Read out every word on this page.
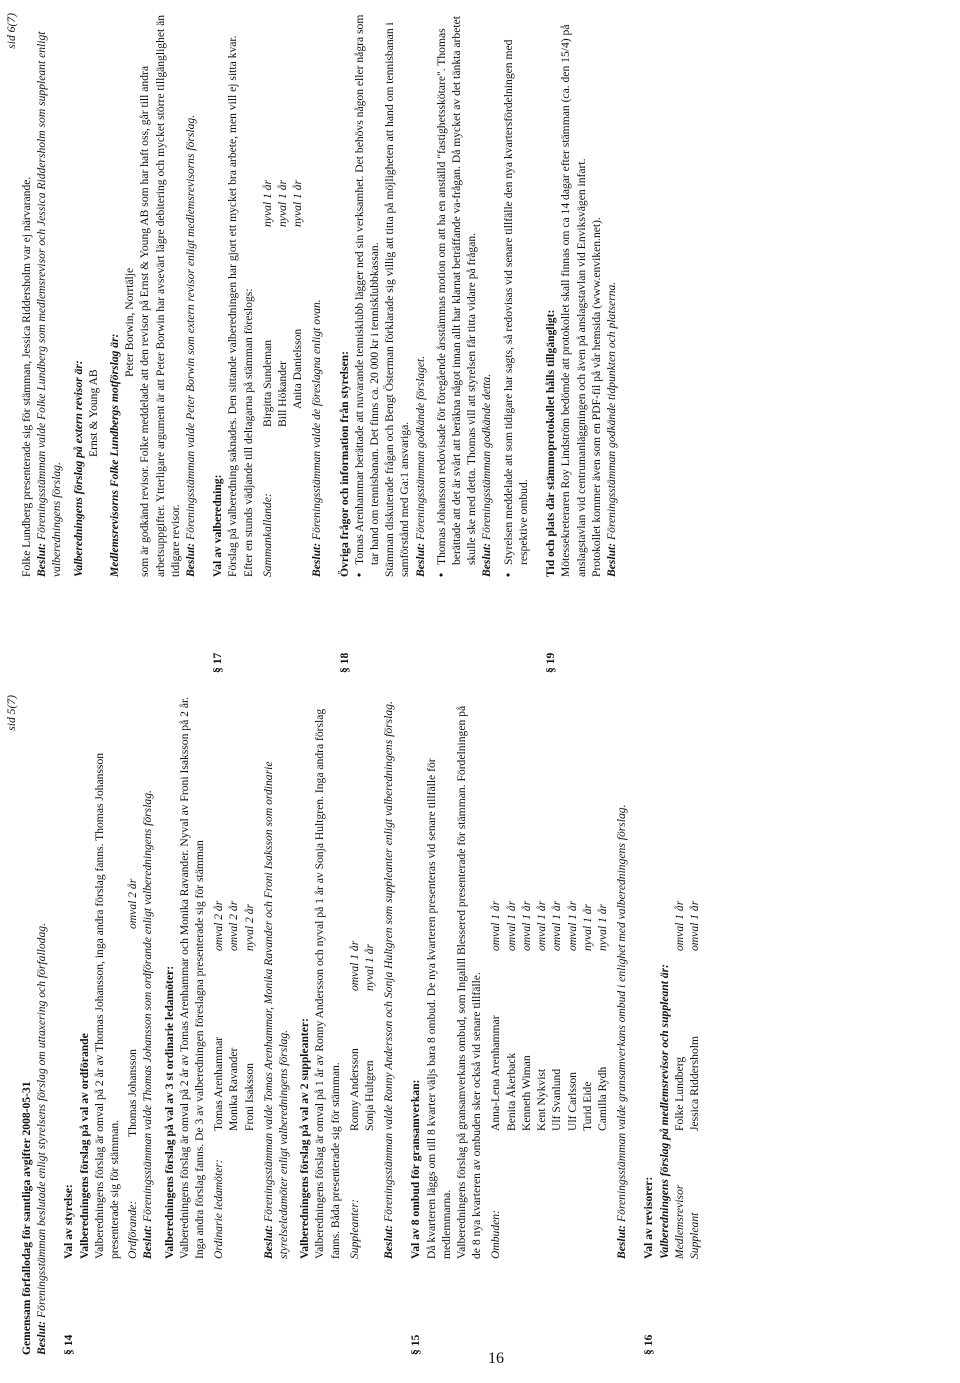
sid 5(7)
Gemensam förfallodag för samtliga avgifter 2008-05-31 Beslut: Föreningsstämman beslutade enligt styrelsens förslag om uttaxering och förfallodag.
§ 14
Val av styrelse: Valberedningens förslag på val av ordförande Valberedningens förslag är omval på 2 år av Thomas Johansson, inga andra förslag fanns. Thomas Johansson presenterade sig för stämman. Ordförande:
Thomas Johansson
omval 2 år
Beslut: Föreningsstämman valde Thomas Johansson som ordförande enligt valberedningens förslag. Valberedningens förslag på val av 3 st ordinarie ledamöter: Valberedningens förslag är omval på 2 år av Tomas Arenhammar och Monika Ravander. Nyval av Froni Isaksson på 2 år. Inga andra förslag fanns. De 3 av valberedningen föreslagna presenterade sig för stämman Ordinarie ledamöter:
Tomas Arenhammar
omval 2 år
Monika Ravander
omval 2 år
Froni Isaksson
nyval 2 år
Beslut: Föreningsstämman valde Tomas Arenhammar, Monika Ravander och Froni Isaksson som ordinarie styrelseledamöter enligt valberedningens förslag. Valberedningens förslag på val av 2 suppleanter: Valberedningens förslag är omval på 1 år av Ronny Andersson och nyval på 1 år av Sonja Hultgren. Inga andra förslag fanns. Båda presenterade sig för stämman. Suppleanter:
Ronny Andersson
omval 1 år
Sonja Hultgren
nyval 1 år
Beslut: Föreningsstämman valde Ronny Andersson och Sonja Hultgren som suppleanter enligt valberedningens förslag.
§ 15
Val av 8 ombud för gransamverkan: Då kvarteren läggs om till 8 kvarter väljs bara 8 ombud. De nya kvarteren presenteras vid senare tillfälle för medlemmarna. Valberedningens förslag på gransamverkans ombud, som Ingalill Blessered presenterade för stämman. Fördelningen på de 8 nya kvarteren av ombuden sker också vid senare tillfälle. Ombuden:
Anna-Lena Arenhammar
omval 1 år
Benita Åkerback
omval 1 år
Kenneth Wiman
omval 1 år
Kent Nykvist
omval 1 år
Ulf Svanlund
omval 1 år
Ulf Carlsson
omval 1 år
Turid Eide
nyval 1 år
Camilla Rydh
nyval 1 år
Beslut: Föreningsstämman valde gransamverkans ombud i enlighet med valberedningens förslag.
§ 16
Val av revisorer: Valberedningens förslag på medlemsrevisor och suppleant är: Medlemsrevisor
Folke Lundberg
omval 1 år
Suppleant
Jessica Riddersholm
omval 1 år
sid 6(7)
Folke Lundberg presenterade sig för stämman, Jessica Riddersholm var ej närvarande. Beslut: Föreningsstämman valde Folke Lundberg som medlemsrevisor och Jessica Riddersholm som suppleant enligt valberedningens förslag. Valberedningens förslag på extern revisor är: Ernst & Young AB Medlemsrevisorns Folke Lundbergs motförslag är:
Peter Borwin, Norrtälje som är godkänd revisor. Folke meddelade att den revisor på Ernst & Young AB som har haft oss, går till andra arbetsuppgifter. Ytterligare argument är att Peter Borwin har avsevärt lägre debitering och mycket större tillgänglighet än tidigare revisor. Beslut: Föreningsstämman valde Peter Borwin som extern revisor enligt medlemsrevisorns förslag.
§ 17
Val av valberedning: Förslag på valberedning saknades. Den sittande valberedningen har gjort ett mycket bra arbete, men vill ej sitta kvar. Efter en stunds vädjande till deltagarna på stämman föreslogs: Sammankallande:
Birgitta Sundeman
nyval 1 år
Bill Hökander
nyval 1 år
Anita Danielsson
nyval 1 år
Beslut: Föreningsstämman valde de föreslagna enligt ovan.
§ 18
Övriga frågor och information från styrelsen: •
Tomas Arenhammar berättade att nuvarande tennisklubb lägger ned sin verksamhet. Det behövs någon eller några som tar hand om tennisbanan. Det finns ca. 20 000 kr i tennisklubbkassan. Stämman diskuterade frågan och Bengt Österman förklarade sig villig att titta på möjligheten att hand om tennisbanan i samförstånd med Ga:1 ansvariga. Beslut: Föreningsstämman godkände förslaget.
•
Thomas Johansson redovisade för föregående årsstämmas motion om att ha en anställd "fastighetsskötare". Thomas berättade att det är svårt att beräkna något innan allt har klarnat beträffande va-frågan. Då mycket av det tänkta arbetet skulle ske med detta. Thomas vill att styrelsen får titta vidare på frågan. Beslut: Föreningsstämman godkände detta.
•
Styrelsen meddelade att som tidigare har sagts, så redovisas vid senare tillfälle den nya kvartersfördelningen med respektive ombud.
§ 19
Tid och plats där stämmoprotokollet hålls tillgängligt: Mötessekreteraren Roy Lindström bedömde att protokollet skall finnas om ca 14 dagar efter stämman (ca. den 15/4) på anslagstavlan vid centrumanläggningen och även på anslagstavlan vid Enviksvägen infart. Protokollet kommer även som en PDF-fil på vår hemsida (www.enviken.net). Beslut: Föreningsstämman godkände tidpunkten och platserna.
16
